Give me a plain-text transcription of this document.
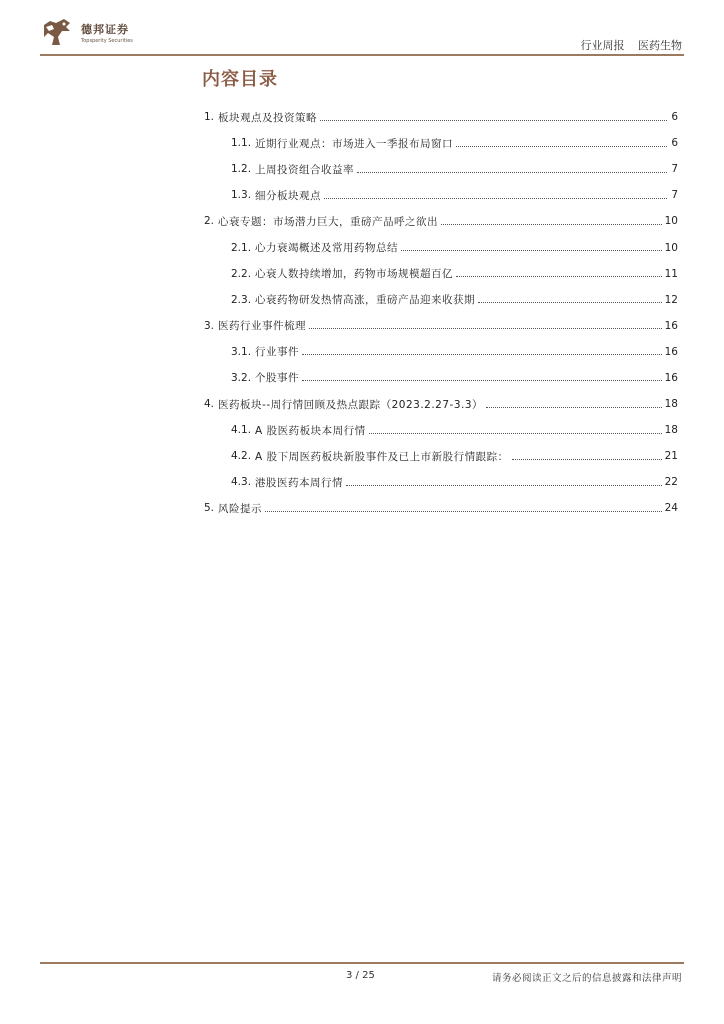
德邦证券
Topsperity Securities	行业周报 医药生物
内容目录
1. 板块观点及投资策略	6
1.1. 近期行业观点：市场进入一季报布局窗口	6
1.2. 上周投资组合收益率	7
1.3. 细分板块观点	7
2. 心衰专题：市场潜力巨大，重磅产品呼之欲出	10
2.1. 心力衰竭概述及常用药物总结	10
2.2. 心衰人数持续增加，药物市场规模超百亿	11
2.3. 心衰药物研发热情高涨，重磅产品迎来收获期	12
3. 医药行业事件梳理	16
3.1. 行业事件	16
3.2. 个股事件	16
4. 医药板块--周行情回顾及热点跟踪（2023.2.27-3.3）	18
4.1. A 股医药板块本周行情	18
4.2. A 股下周医药板块新股事件及已上市新股行情跟踪：	21
4.3. 港股医药本周行情	22
5. 风险提示	24
3 / 25	请务必阅读正文之后的信息披露和法律声明
